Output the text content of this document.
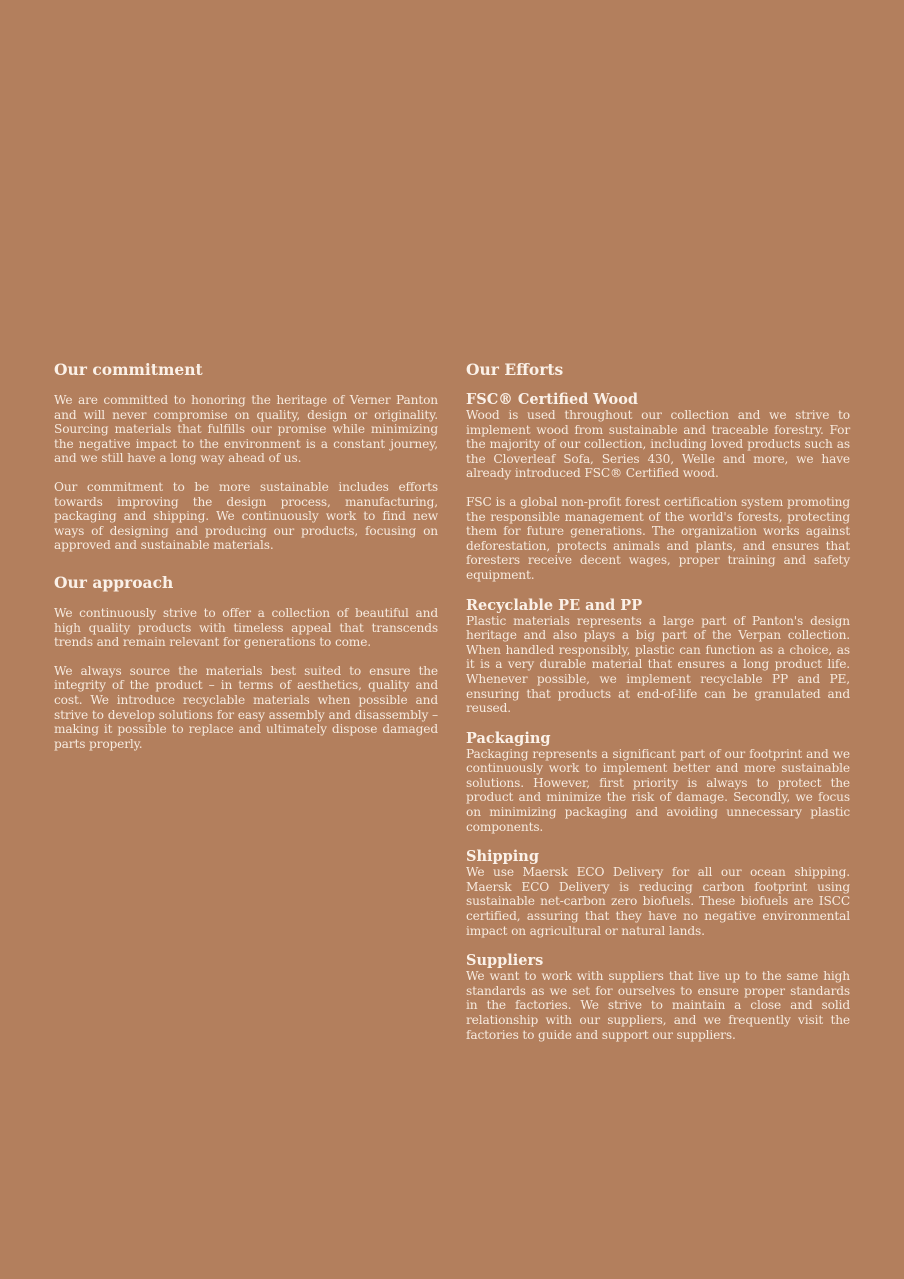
Our commitment

We are committed to honoring the heritage of Verner Panton and will never compromise on quality, design or originality. Sourcing materials that fulfills our promise while minimizing the negative impact to the environment is a constant journey, and we still have a long way ahead of us.

Our commitment to be more sustainable includes efforts towards improving the design process, manufacturing, packaging and shipping. We continuously work to find new ways of designing and producing our products, focusing on approved and sustainable materials.

Our approach

We continuously strive to offer a collection of beautiful and high quality products with timeless appeal that transcends trends and remain relevant for generations to come.

We always source the materials best suited to ensure the integrity of the product – in terms of aesthetics, quality and cost. We introduce recyclable materials when possible and strive to develop solutions for easy assembly and disassembly – making it possible to replace and ultimately dispose damaged parts properly.

Our Efforts
FSC® Certified Wood

Wood is used throughout our collection and we strive to implement wood from sustainable and traceable forestry. For the majority of our collection, including loved products such as the Cloverleaf Sofa, Series 430, Welle and more, we have already introduced FSC® Certified wood.

FSC is a global non-profit forest certification system promoting the responsible management of the world's forests, protecting them for future generations. The organization works against deforestation, protects animals and plants, and ensures that foresters receive decent wages, proper training and safety equipment.

Recyclable PE and PP

Plastic materials represents a large part of Panton's design heritage and also plays a big part of the Verpan collection. When handled responsibly, plastic can function as a choice, as it is a very durable material that ensures a long product life. Whenever possible, we implement recyclable PP and PE, ensuring that products at end-of-life can be granulated and reused.

Packaging

Packaging represents a significant part of our footprint and we continuously work to implement better and more sustainable solutions. However, first priority is always to protect the product and minimize the risk of damage. Secondly, we focus on minimizing packaging and avoiding unnecessary plastic components.

Shipping

We use Maersk ECO Delivery for all our ocean shipping. Maersk ECO Delivery is reducing carbon footprint using sustainable net-carbon zero biofuels. These biofuels are ISCC certified, assuring that they have no negative environmental impact on agricultural or natural lands.

Suppliers

We want to work with suppliers that live up to the same high standards as we set for ourselves to ensure proper standards in the factories. We strive to maintain a close and solid relationship with our suppliers, and we frequently visit the factories to guide and support our suppliers.
